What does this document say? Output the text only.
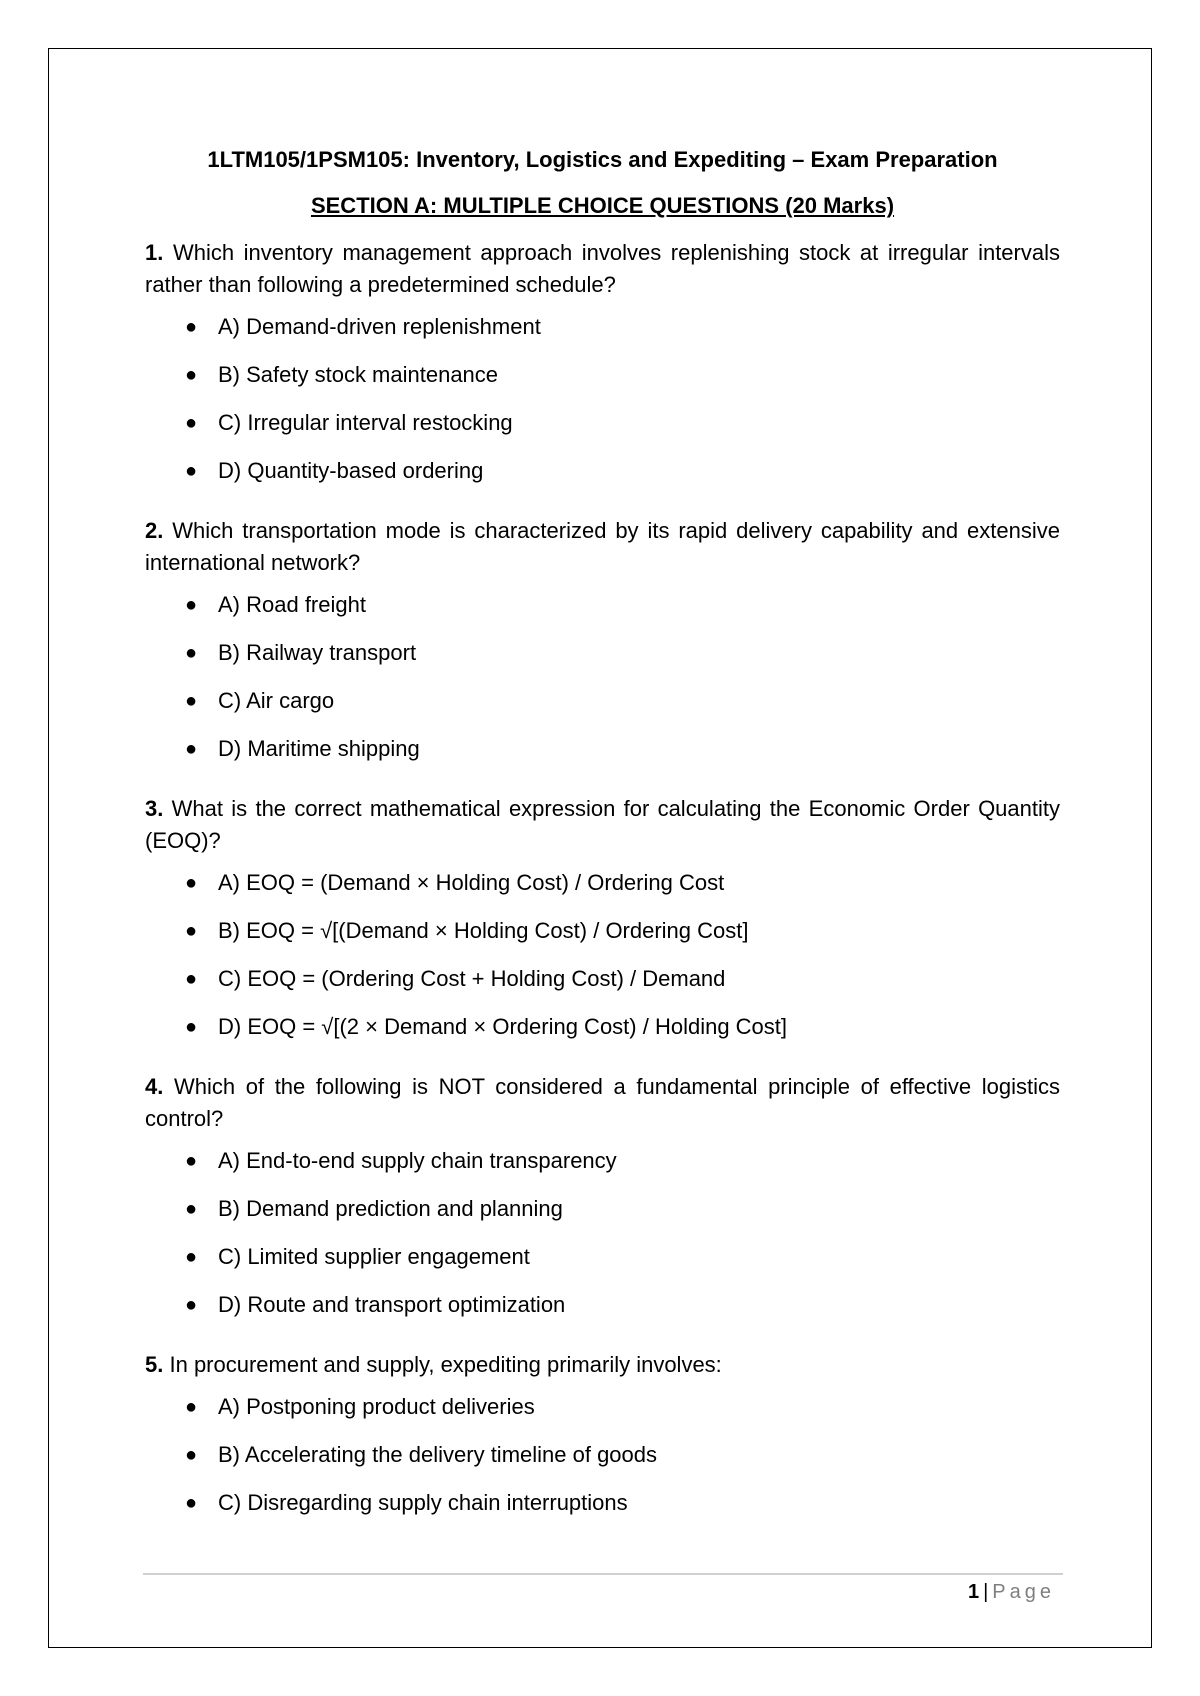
1LTM105/1PSM105: Inventory, Logistics and Expediting – Exam Preparation
SECTION A: MULTIPLE CHOICE QUESTIONS (20 Marks)
1. Which inventory management approach involves replenishing stock at irregular intervals rather than following a predetermined schedule?
● A) Demand-driven replenishment
● B) Safety stock maintenance
● C) Irregular interval restocking
● D) Quantity-based ordering
2. Which transportation mode is characterized by its rapid delivery capability and extensive international network?
● A) Road freight
● B) Railway transport
● C) Air cargo
● D) Maritime shipping
3. What is the correct mathematical expression for calculating the Economic Order Quantity (EOQ)?
● A) EOQ = (Demand × Holding Cost) / Ordering Cost
● B) EOQ = √[(Demand × Holding Cost) / Ordering Cost]
● C) EOQ = (Ordering Cost + Holding Cost) / Demand
● D) EOQ = √[(2 × Demand × Ordering Cost) / Holding Cost]
4. Which of the following is NOT considered a fundamental principle of effective logistics control?
● A) End-to-end supply chain transparency
● B) Demand prediction and planning
● C) Limited supplier engagement
● D) Route and transport optimization
5. In procurement and supply, expediting primarily involves:
● A) Postponing product deliveries
● B) Accelerating the delivery timeline of goods
● C) Disregarding supply chain interruptions
1 | Page
